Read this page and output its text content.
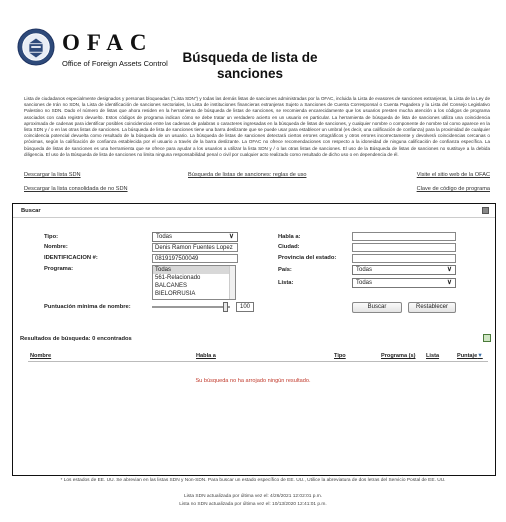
OFAC
Office of Foreign Assets Control	Búsqueda de lista de sanciones
Lista de ciudadanos especialmente designados y personas bloqueadas ("Lista SDN") y todas las demás listas de sanciones administradas por la OFAC, incluida la Lista de evasores de sanciones extranjeras, la Lista de la Ley de sanciones de Irán no SDN, la Lista de identificación de sanciones sectoriales, la Lista de instituciones financieras extranjeras Sujeto a Sanciones de Cuenta Corresponsal o Cuenta Pagadera y la Lista del Consejo Legislativo Palestino no SDN. Dado el número de listas que ahora residen en la herramienta de búsqueda de listas de sanciones, se recomienda encarecidamente que los usuarios presten mucha atención a los códigos de programa asociados con cada registro devuelto. Estos códigos de programa indican cómo se debe tratar un verdadero acierto en un usuario en particular. La herramienta de búsqueda de lista de sanciones utiliza una coincidencia aproximada de cadenas para identificar posibles coincidencias entre las cadenas de palabras o caracteres ingresadas en la búsqueda de listas de sanciones, y cualquier nombre o componente de nombre tal como aparece en la lista SDN y / o en las otras listas de sanciones. La búsqueda de lista de sanciones tiene una barra deslizante que se puede usar para establecer un umbral (es decir, una calificación de confianza) para la proximidad de cualquier coincidencia potencial devuelta como resultado de la búsqueda de un usuario. La búsqueda de listas de sanciones detectará ciertos errores ortográficos y otros errores incorrectamente y devolverá coincidencias cercanas o próximas, según la calificación de confianza establecida por el usuario a través de la barra deslizante. La OFAC no ofrece recomendaciones con respecto a la idoneidad de ninguna calificación de confianza específica. La búsqueda de listas de sanciones es una herramienta que se ofrece para ayudar a los usuarios a utilizar la lista SDN y / o las otras listas de sanciones. El uso de la Búsqueda de listas de sanciones no sustituye a la debida diligencia. El uso de la Búsqueda de lista de sanciones no limita ninguna responsabilidad penal o civil por cualquier acto realizado como resultado de dicho uso o en dependencia de él.
Descargar la lista SDN	Búsqueda de listas de sanciones: reglas de uso	Visite el sitio web de la OFAC
Descargar la lista consolidada de no SDN	Clave de código de programa
Buscar
Tipo:	Todas	∨
Nombre:	Denis Ramon Fuentes Lopez
IDENTIFICACION #:	0819197500049
Programa:	Todas
561-Relacionado
BALCANES
BIELORRUSIA
Puntuación mínima de nombre:	100
Habla a:
Ciudad:
Provincia del estado:
País:	Todas	∨
Lista:	Todas	∨
Buscar	Restablecer
Resultados de búsqueda: 0 encontrados
Nombre	Habla a	Tipo	Programa (s) Lista	Puntaje▼
Su búsqueda no ha arrojado ningún resultado.
* Los estados de EE. UU. Se abrevian en las listas SDN y Non-SDN. Para buscar un estado específico de EE. UU., Utilice la abreviatura de dos letras del Servicio Postal de EE. UU.
Lista SDN actualizada por última vez el: 4/26/2021 12:02:01 p.m.
Lista no SDN actualizada por última vez el: 10/13/2020 12:41:01 p.m.
